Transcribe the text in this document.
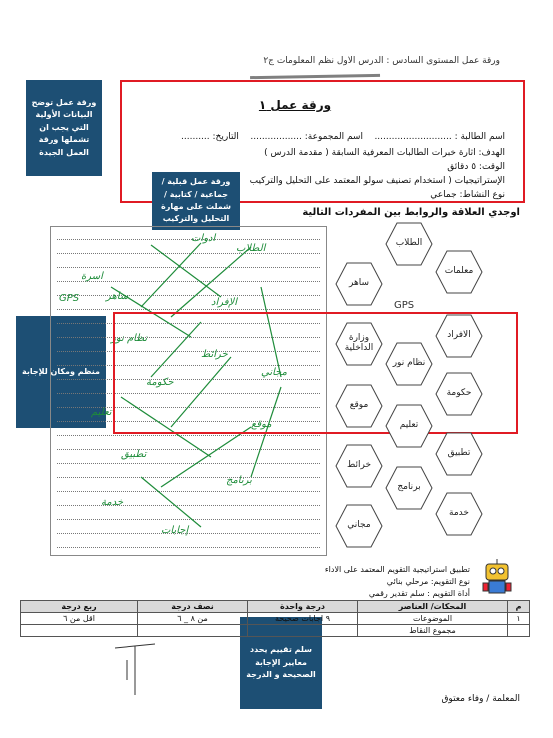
ورقة عمل المستوى السادس : الدرس الاول نظم المعلومات ج٢
ورقة عمل ١
اسم الطالبة : ...........................    اسم المجموعة: ..................    التاريخ: ..........
الهدف: اثارة خبرات الطالبات المعرفية السابقة ( مقدمة الدرس )
الوقت: ٥ دقائق
الإستراتيجيات ( استخدام تصنيف سولو المعتمد على التحليل والتركيب
نوع النشاط: جماعي
اوجدي العلاقة والروابط بين المفردات التالية
ورقة عمل توضح البيانات الأولية التي يجب ان تشملها ورقة العمل الجيدة
ورقة عمل قبلية / جماعية / كتابية / شملت على مهارة التحليل والتركيب
منظم ومكان للإجابة
سلم تقييم يحدد معايير الإجابة الصحيحة و الدرجة
ادوات
الطلاب
اسرة
ساهر
الإفراد
GPS
نظام نور
خرائط
مجاني
حكومة
تعليم
موقع
تطبيق
برنامج
خدمة
إجابات
GPS
الطلاب
معلمات
ساهر
الافراد
وزارة الداخلية
نظام نور
حكومة
موقع
تعليم
تطبيق
خرائط
برنامج
خدمة
مجاني
تطبيق استراتيجية التقويم المعتمد على الاداء
نوع التقويم: مرحلي بنائي
أداة التقويم : سلم تقدير رقمي
م	المحكات/ العناصر	درجة واحدة	نصف درجة	ربع درجة
١	الموضوعات	٩ اجابات صحيحة	من ٨ _ ٦	اقل من ٦
	مجموع النقاط			
المعلمة / وفاء معتوق
